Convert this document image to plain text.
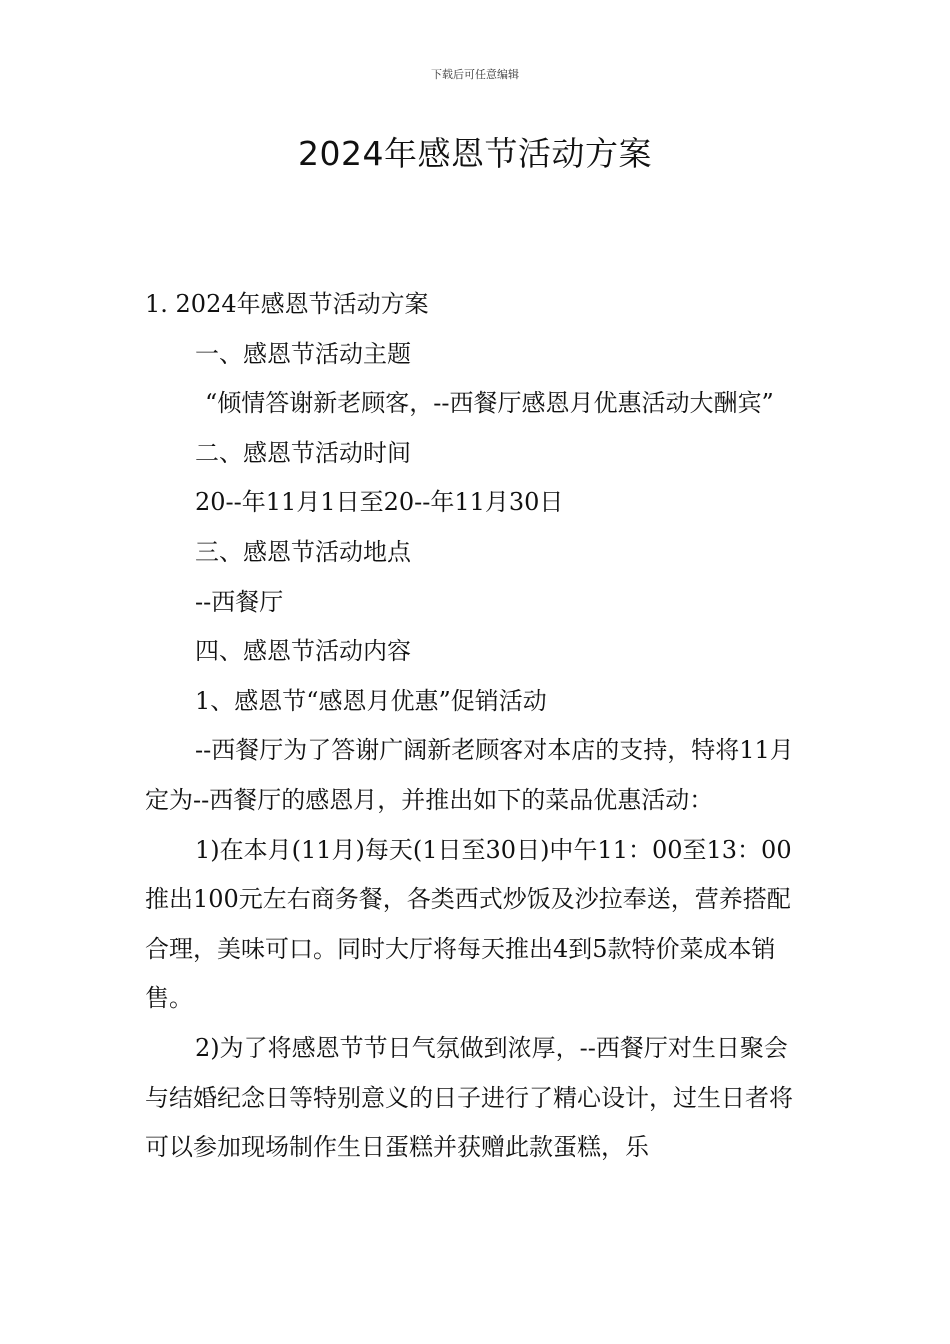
下载后可任意编辑
2024年感恩节活动方案

1. 2024年感恩节活动方案

一、感恩节活动主题

“倾情答谢新老顾客，--西餐厅感恩月优惠活动大酬宾”

二、感恩节活动时间

20--年11月1日至20--年11月30日

三、感恩节活动地点

--西餐厅

四、感恩节活动内容

1、感恩节“感恩月优惠”促销活动

--西餐厅为了答谢广阔新老顾客对本店的支持，特将11月定为--西餐厅的感恩月，并推出如下的菜品优惠活动：

1)在本月(11月)每天(1日至30日)中午11：00至13：00推出100元左右商务餐，各类西式炒饭及沙拉奉送，营养搭配合理，美味可口。同时大厅将每天推出4到5款特价菜成本销售。

2)为了将感恩节节日气氛做到浓厚，--西餐厅对生日聚会与结婚纪念日等特别意义的日子进行了精心设计，过生日者将可以参加现场制作生日蛋糕并获赠此款蛋糕，乐
